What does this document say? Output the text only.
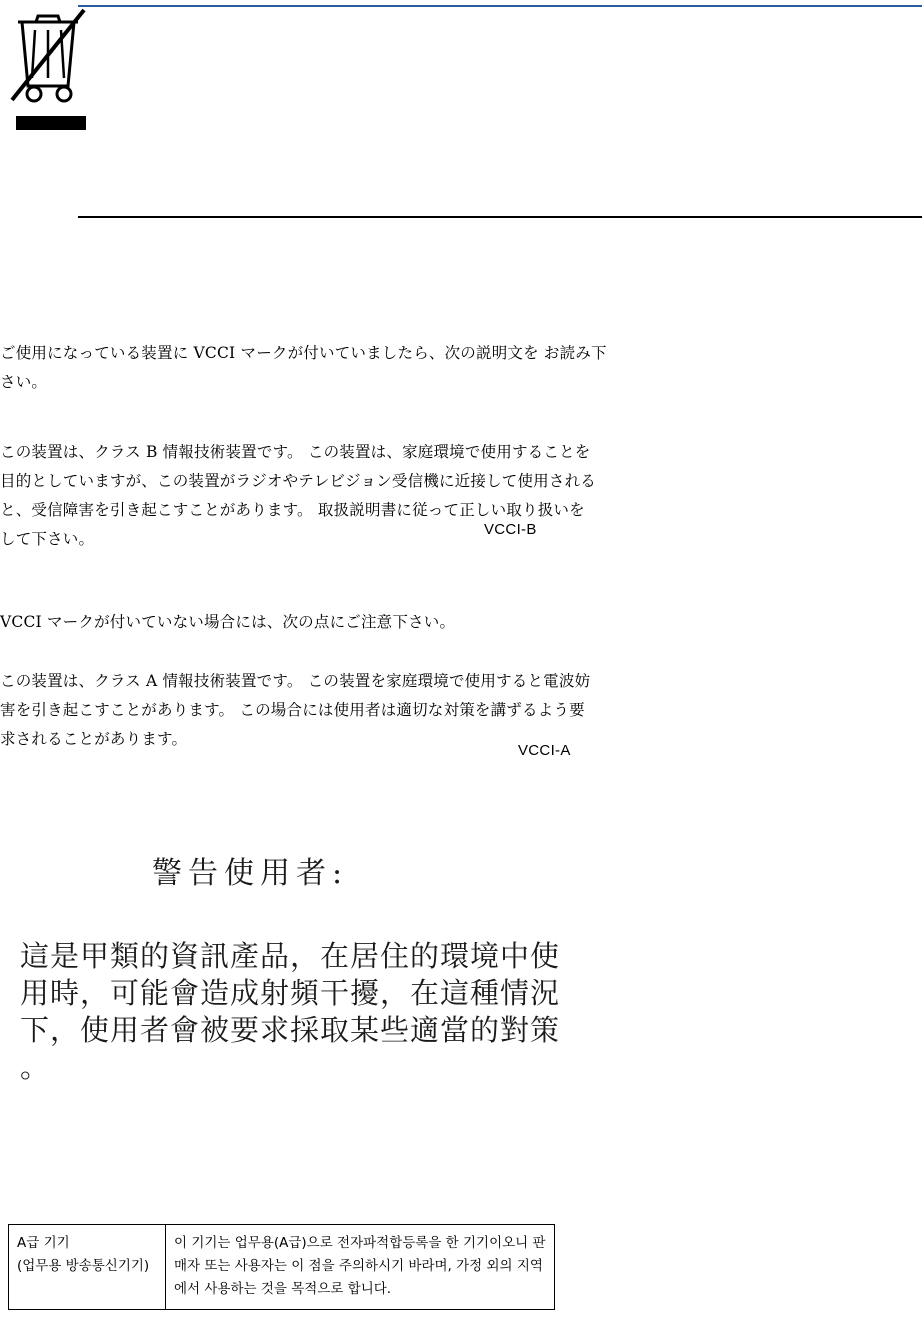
ご使用になっている装置に VCCI マークが付いていましたら、次の説明文を お読み下さい。

この装置は、クラス B 情報技術装置です。 この装置は、家庭環境で使用することを目的としていますが、この装置がラジオやテレビジョン受信機に近接して使用されると、受信障害を引き起こすことがあります。 取扱説明書に従って正しい取り扱いをして下さい。	VCCI-B

VCCI マークが付いていない場合には、次の点にご注意下さい。

この装置は、クラス A 情報技術装置です。 この装置を家庭環境で使用すると電波妨害を引き起こすことがあります。 この場合には使用者は適切な対策を講ずるよう要求されることがあります。

VCCI-A
警告使用者:
這是甲類的資訊產品，在居住的環境中使用時，可能會造成射頻干擾，在這種情況下，使用者會被要求採取某些適當的對策 。
A급 기기
(업무용 방송통신기기)
	이 기기는 업무용(A급)으로 전자파적합등록을 한 기기이오니 판매자 또는 사용자는 이 점을 주의하시기 바라며, 가정 외의 지역에서 사용하는 것을 목적으로 합니다.
